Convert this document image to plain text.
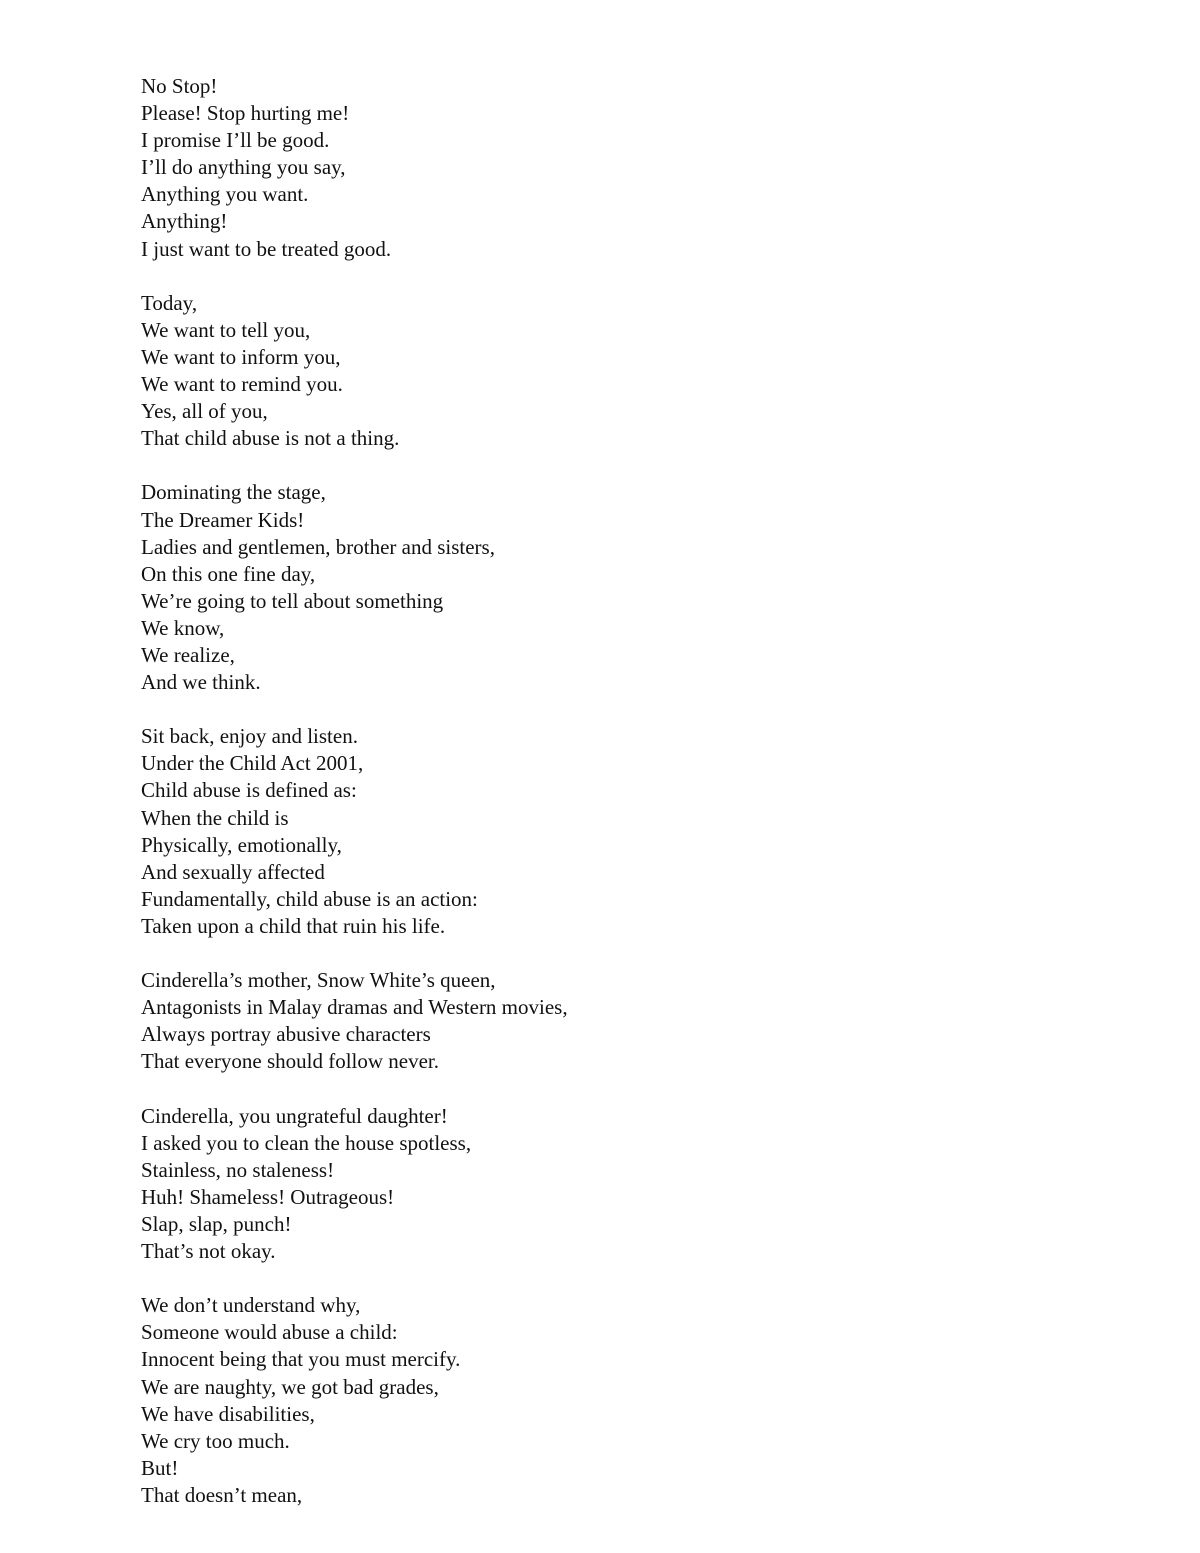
No Stop!
Please! Stop hurting me!
I promise I’ll be good.
I’ll do anything you say,
Anything you want.
Anything!
I just want to be treated good.
Today,
We want to tell you,
We want to inform you,
We want to remind you.
Yes, all of you,
That child abuse is not a thing.
Dominating the stage,
The Dreamer Kids!
Ladies and gentlemen, brother and sisters,
On this one fine day,
We’re going to tell about something
We know,
We realize,
And we think.
Sit back, enjoy and listen.
Under the Child Act 2001,
Child abuse is defined as:
When the child is
Physically, emotionally,
And sexually affected
Fundamentally, child abuse is an action:
Taken upon a child that ruin his life.
Cinderella’s mother, Snow White’s queen,
Antagonists in Malay dramas and Western movies,
Always portray abusive characters
That everyone should follow never.
Cinderella, you ungrateful daughter!
I asked you to clean the house spotless,
Stainless, no staleness!
Huh! Shameless! Outrageous!
Slap, slap, punch!
That’s not okay.
We don’t understand why,
Someone would abuse a child:
Innocent being that you must mercify.
We are naughty, we got bad grades,
We have disabilities,
We cry too much.
But!
That doesn’t mean,
